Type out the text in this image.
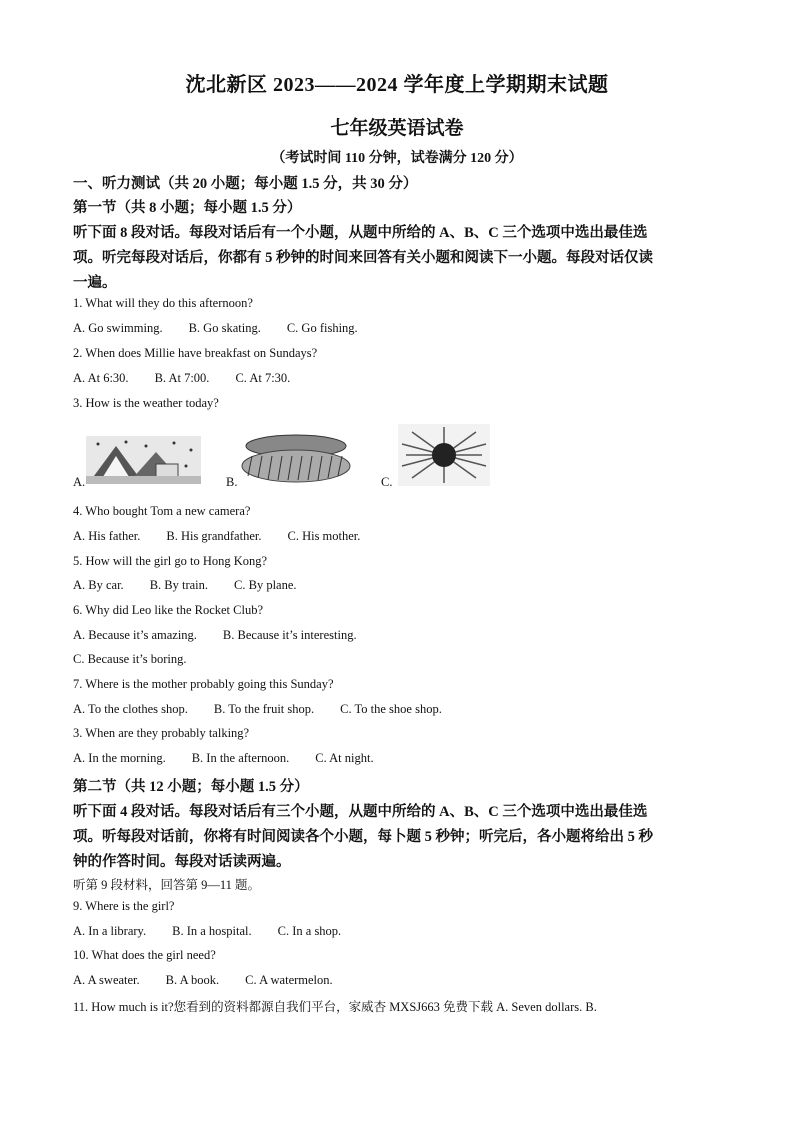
沈北新区 2023——2024 学年度上学期期末试题
七年级英语试卷
（考试时间 110 分钟，试卷满分 120 分）
一、听力测试（共 20 小题；每小题 1.5 分，共 30 分）
第一节（共 8 小题；每小题 1.5 分）
听下面 8 段对话。每段对话后有一个小题，从题中所给的 A、B、C 三个选项中选出最佳选
项。听完每段对话后，你都有 5 秒钟的时间来回答有关小题和阅读下一小题。每段对话仅读
一遍。
1. What will they do this afternoon?
A. Go swimming. B. Go skating. C. Go fishing.
2. When does Millie have breakfast on Sundays?
A. At 6:30. B. At 7:00. C. At 7:30.
3. How is the weather today?
A.	B.	C.
4. Who bought Tom a new camera?
A. His father. B. His grandfather. C. His mother.
5. How will the girl go to Hong Kong?
A. By car. B. By train. C. By plane.
6. Why did Leo like the Rocket Club?
A. Because it’s amazing. B. Because it’s interesting.
C. Because it’s boring.
7. Where is the mother probably going this Sunday?
A. To the clothes shop. B. To the fruit shop. C. To the shoe shop.
3. When are they probably talking?
A. In the morning. B. In the afternoon. C. At night.
第二节（共 12 小题；每小题 1.5 分）
听下面 4 段对话。每段对话后有三个小题，从题中所给的 A、B、C 三个选项中选出最佳选
项。听每段对话前，你将有时间阅读各个小题，每卜题 5 秒钟；听完后，各小题将给出 5 秒
钟的作答时间。每段对话读两遍。
听第 9 段材料，回答第 9—11 题。
9. Where is the girl?
A. In a library. B. In a hospital. C. In a shop.
10. What does the girl need?
A. A sweater. B. A book. C. A watermelon.
11. How much is it?您看到的资料都源自我们平台，家威杏 MXSJ663 免费下载 A. Seven dollars. B.
